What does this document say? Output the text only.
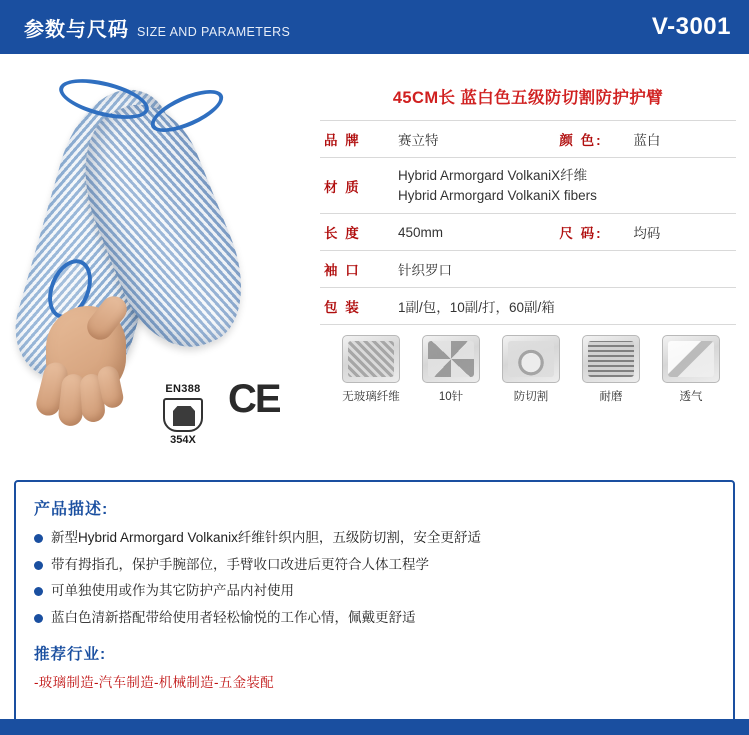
参数与尺码 SIZE AND PARAMETERS	V-3001
EN388
354X
CE
45CM长 蓝白色五级防切割防护护臂
品 牌	赛立特	颜 色:	蓝白
材 质	Hybrid Armorgard VolkaniX纤维
Hybrid Armorgard VolkaniX fibers		

长 度	450mm	尺 码:	均码
袖 口	针织罗口		
包 装	1副/包，10副/打，60副/箱		
无玻璃纤维	10针	防切割	耐磨	透气
产品描述:
新型Hybrid Armorgard Volkanix纤维针织内胆，五级防切割，安全更舒适
带有拇指孔，保护手腕部位，手臂收口改进后更符合人体工程学
可单独使用或作为其它防护产品内衬使用
蓝白色清新搭配带给使用者轻松愉悦的工作心情，佩戴更舒适
推荐行业:
-玻璃制造-汽车制造-机械制造-五金装配
